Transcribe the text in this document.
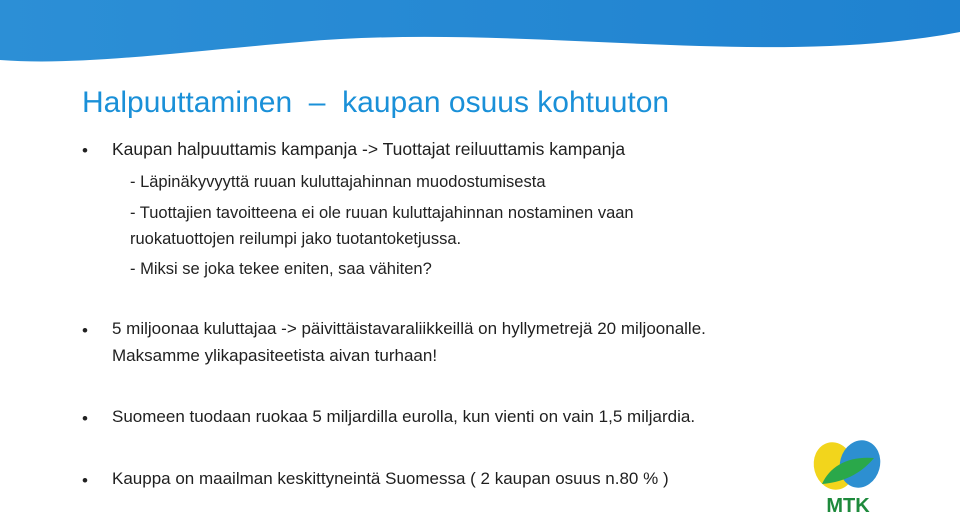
Halpuuttaminen  –  kaupan osuus kohtuuton
• Kaupan halpuuttamis kampanja -> Tuottajat reiluuttamis kampanja
- Läpinäkyvyyttä ruuan kuluttajahinnan muodostumisesta
- Tuottajien tavoitteena ei ole ruuan kuluttajahinnan nostaminen vaan
ruokatuottojen reilumpi jako tuotantoketjussa.
- Miksi se joka tekee eniten, saa vähiten?
• 5 miljoonaa kuluttajaa -> päivittäistavaraliikkeillä on hyllymetrejä 20 miljoonalle.
Maksamme ylikapasiteetista aivan turhaan!
• Suomeen tuodaan ruokaa 5 miljardilla eurolla, kun vienti on vain 1,5 miljardia.
• Kauppa on maailman keskittyneintä Suomessa ( 2 kaupan osuus n.80 % )
MTK
